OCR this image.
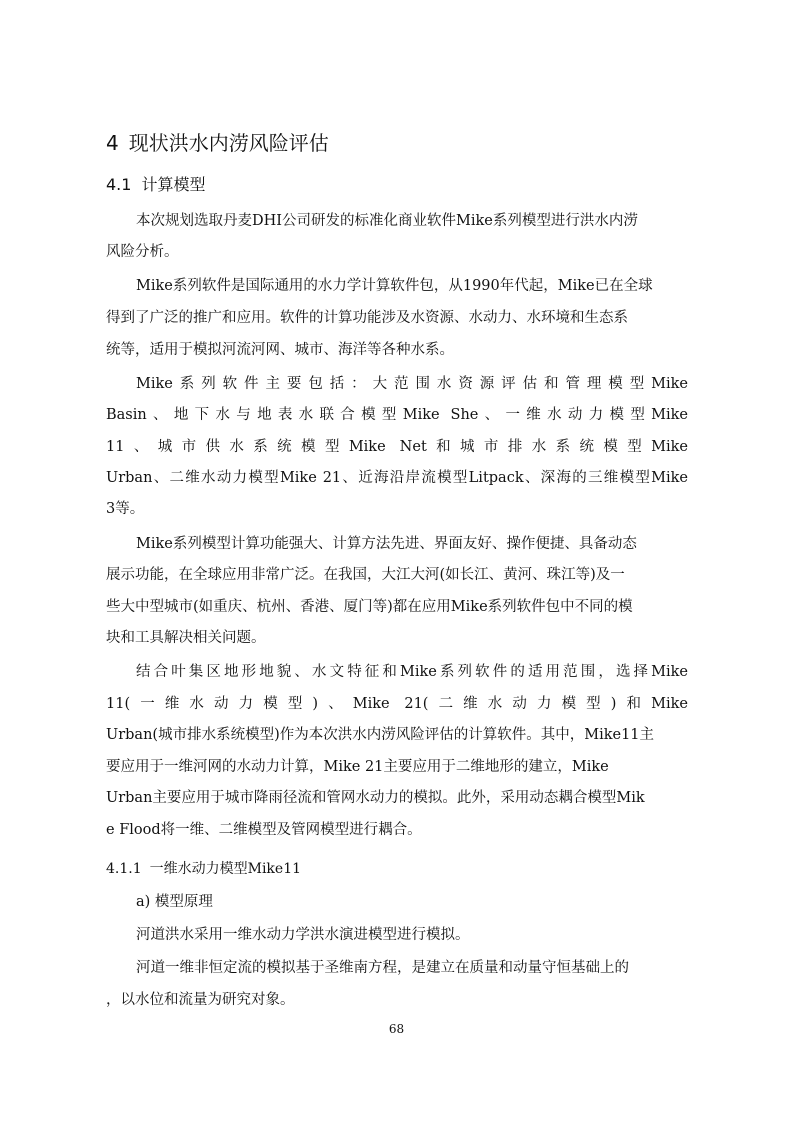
4 现状洪水内涝风险评估
4.1 计算模型
本次规划选取丹麦DHI公司研发的标准化商业软件Mike系列模型进行洪水内涝
风险分析。
Mike系列软件是国际通用的水力学计算软件包，从1990年代起，Mike已在全球
得到了广泛的推广和应用。软件的计算功能涉及水资源、水动力、水环境和生态系
统等，适用于模拟河流河网、城市、海洋等各种水系。
Mike系列软件主要包括：大范围水资源评估和管理模型Mike
Basin、地下水与地表水联合模型Mike She、一维水动力模型Mike
11、城市供水系统模型Mike Net和城市排水系统模型Mike
Urban、二维水动力模型Mike 21、近海沿岸流模型Litpack、深海的三维模型Mike
3等。
Mike系列模型计算功能强大、计算方法先进、界面友好、操作便捷、具备动态
展示功能，在全球应用非常广泛。在我国，大江大河(如长江、黄河、珠江等)及一
些大中型城市(如重庆、杭州、香港、厦门等)都在应用Mike系列软件包中不同的模
块和工具解决相关问题。
结合叶集区地形地貌、水文特征和Mike系列软件的适用范围，选择Mike
11(一维水动力模型)、Mike 21(二维水动力模型)和Mike
Urban(城市排水系统模型)作为本次洪水内涝风险评估的计算软件。其中，Mike11主
要应用于一维河网的水动力计算，Mike 21主要应用于二维地形的建立，Mike
Urban主要应用于城市降雨径流和管网水动力的模拟。此外，采用动态耦合模型Mik
e Flood将一维、二维模型及管网模型进行耦合。
4.1.1 一维水动力模型Mike11
a) 模型原理
河道洪水采用一维水动力学洪水演进模型进行模拟。
河道一维非恒定流的模拟基于圣维南方程，是建立在质量和动量守恒基础上的
，以水位和流量为研究对象。
68
